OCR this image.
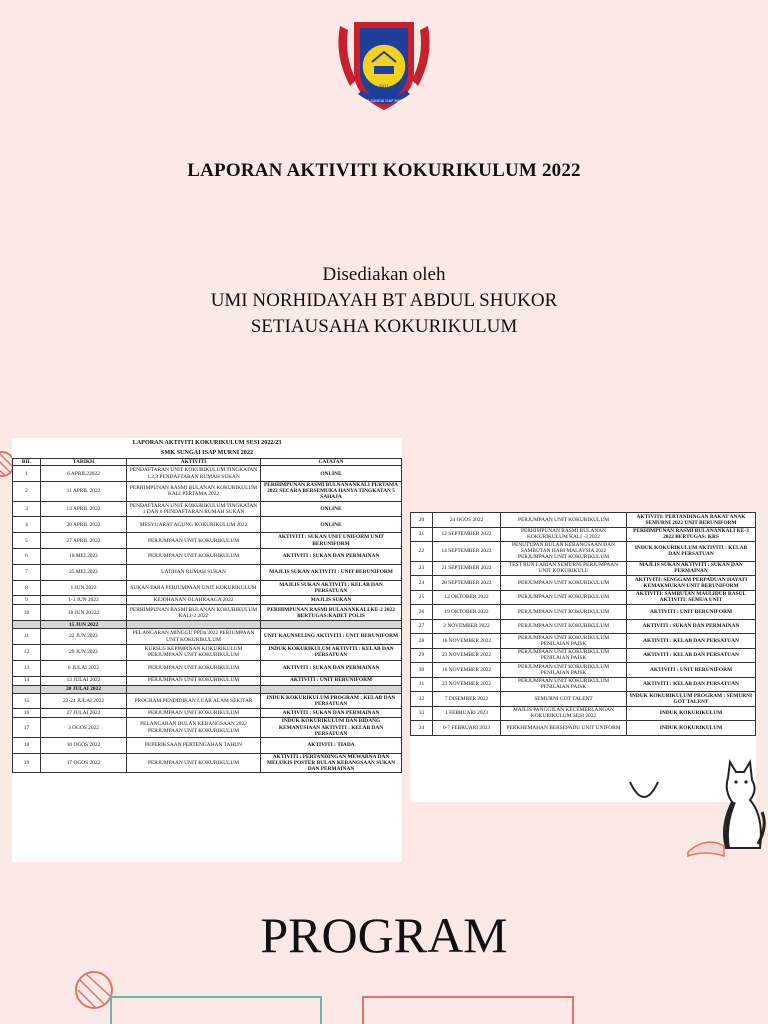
2011
SMK SUNGAI ISAP MURNI
LAPORAN AKTIVITI KOKURIKULUM 2022
Disediakan oleh
UMI NORHIDAYAH BT ABDUL SHUKOR
SETIAUSAHA KOKURIKULUM
LAPORAN AKTIVITI KOKURIKULUM SESI 2022/23
SMK SUNGAI ISAP MURNI 2022
BIL	TARIKH	AKTIVITI	CATATAN
1	6 APRIL22022	PENDAFTARAN UNIT KOKURIKULUM TINGKATAN 1,2,3 PENDAFTARAN RUMAH SUKAN	ONLINE
2	11 APRIL 2022	PERHIMPUNAN RASMI BULANAN KOKURIKULUM KALI PERTAMA 2022	PERHIMPUNAN RASMI BULNANANKALI PERTAMA 2022 SECARA BERSEMUKA HANYA TINGKATAN 5 SAHAJA
3	13 APRIL 2022	PENDAFTARAN UNIT KOKURIKULUM TINGKATAN 1 DAN 6 PENDAFTARAN RUMAH SUKAN	ONLINE
4	20 APRIL 2022	MESYUARAT AGUNG KOKURIKULUM 2022	ONLINE
5	27 APRIL 2022	PERJUMPAAN UNIT KOKURIKULUM	AKTIVITI : SUKAN UNIT UNIFORM UNIT BERUNIFORM
6	18 MEI 2022	PERJUMPAAN UNIT KOKURIKULUM	AKTIVITI : SUKAN DAN PERMAINAN
7	25 MEI 2022	LATIHAN RUMAH SUKAN	MAJLIS SUKAN AKTIVITI : UNIT BERUNIFORM
8	1 JUN 2022	SUKAN TARA PERJUMPAAN UNIT KOKURIKULUM	MAJLIS SUKAN AKTIVITI : KELAB DAN PERSATUAN
9	1-3 JUN 2022	KEJOHANAN OLAHRAAGA 2022	MAJLIS SUKAN
10	18 JUN 20222	PERHIMPUNAN RASMI BULANAN KOKURIKULUM KALI-2 2022	PERHIMPUNAN RASMI BULANANKALI KE-2 2022 BERTUGAS:KADET POLIS
	15 JUN 2022		
11	22 JUN 2022	PELANCARAN MINGGU PPDa 2022 PERJUMPAAN UNIT KOKURIKULUM	UNIT KAUNSELING AKTIVITI : UNIT BERUNIFORM
12	29 JUN 2022	KURSUS KEPIMPINAN KOKURIKULUM PERJUMPAAN UNIT KOKURIKULUM	INDUK KOKURIKULUM AKTIVITI : KELAB DAN PERSATUAN
13	6 JULAI 2022	PERJUMPAAN UNIT KOKURIKULUM	AKTIVITI : SUKAN DAN PERMAINAN
14	13 JULAI 2022	PERJUMPAAN UNIT KOKURIKULUM	AKTIVITI : UNIT BERUNIFORM
	20 JULAI 2022		
15	22-24 JULAI 2022	PROGRAM PENDIDIKAN LUAR ALAM SEKITAR	INDUK KOKURIKULUM PROGRAM : KELAB DAN PERSATUAN
16	27 JULAI 2022	PERJUMPAAN UNIT KOKURIKULUM	AKTIVITI : SUKAN DAN PERMAINAN
17	3 OGOS 2022	PELANCARAN BULAN KEBANGSAAN 2022 PERJUMPAAN UNIT KOKURIKULUM	INDUK KOKURIKULUM DAN BIDANG KEMANUSIAAN AKTIVITI : KELAB DAN PERSATUAN
18	10 OGOS 2022	PEPERIKSAAN PERTENGAHAN TAHUN	AKTIVITI : TIADA
19	17 OGOS 2022	PERJUMPAAN UNIT KOKURIKULUM	AKTIVITI : PERTANDINGAN MEWARNA DAN MELUKIS POSTER BULAN KEBANGSAAN SUKAN DAN PERMAINAN
20	24 OGOS 2022	PERJUMPAAN UNIT KOKURIKULUM	AKTIVITI: PERTANDINGAN BAKAT ANAK SEMURNI 2022 UNIT BERUNIFORM
21	12 SEPTEMBER 2022	PERHIMPUNAN RASMI BULANAN KOKURIKULUM KALI -3 2022	PERHIMPUNAN RASMI BULANANKALI KE-3 2022 BERTUGAS: KRS
22	14 SEPTEMBER 2022	PENUTUPAN BULAN KEBANGSAAN DAN SAMBUTAN HARI MALAYSIA 2022 PERJUMPAAN UNIT KOKURIKULUM	INDUK KOKURIKULUM AKTIVITI : KELAB DAN PERSATUAN
23	21 SEPTEMBER 2022	TEST RUN LARIAN SEMURNI PERJUMPAAN UNIT KOKURIKULU	MAJLIS SUKAN AKTIVITI : SUKAN DAN PERMAINAN
24	28 SEPTEMBER 2022	PERJUMPAAN UNIT KOKURIKULUM	AKTIVITI: SENGGAM PERPADUAN HAYATI KEMAKMURAN UNIT BERUNIFORM
25	12 OKTOBER 2022	PERJUMPAAN UNIT KOKURIKULUM	AKTIVITI: SAMBUTAN MAULIDUR RASUL AKTIVITI: SEMUA UNIT
26	19 OKTOBER 2022	PERJUMPAAN UNIT KOKURIKULUM	AKTIVITI : UNIT BERUNIFORM
27	2 NOVEMBER 2022	PERJUMPAAN UNIT KOKURIKULUM	AKTIVITI : SUKAN DAN PERMAINAN
28	16 NOVEMBER 2022	PERJUMPAAN UNIT KOKURIKULUM PENILAIAN PAJSK	AKTIVITI : KELAB DAN PERSATUAN
29	23 NOVEMBER 2022	PERJUMPAAN UNIT KOKURIKULUM PENILAIAN PAJSK	AKTIVITI : KELAB DAN PERSATUAN
30	16 NOVEMBER 2022	PERJUMPAAN UNIT KOKURIKULUM PENILAIAN PAJSK	AKTIVITI : UNIT BERUNIFORM
31	23 NOVEMBER 2022	PERJUMPAAN UNIT KOKURIKULUM PENILAIAN PAJSK	AKTIVITI : KELAB DAN PERSATUAN
32	7 DISEMBER 2022	SEMURNI GOT TALENT	INDUK KOKURIKULUM PROGRAM : SEMURNI GOT TALENT
33	1 FEBRUARI 2023	MAJLIS PANGGILAN KECEMERLANGAN KOKURIKULUM SESI 2022	INDUK KOKURIKULUM
34	6-7 FEBRUARI 2023	PERKHEMAHAN BERSEPADU UNIT UNIFORM	INDUK KOKURIKULUM
PROGRAM
